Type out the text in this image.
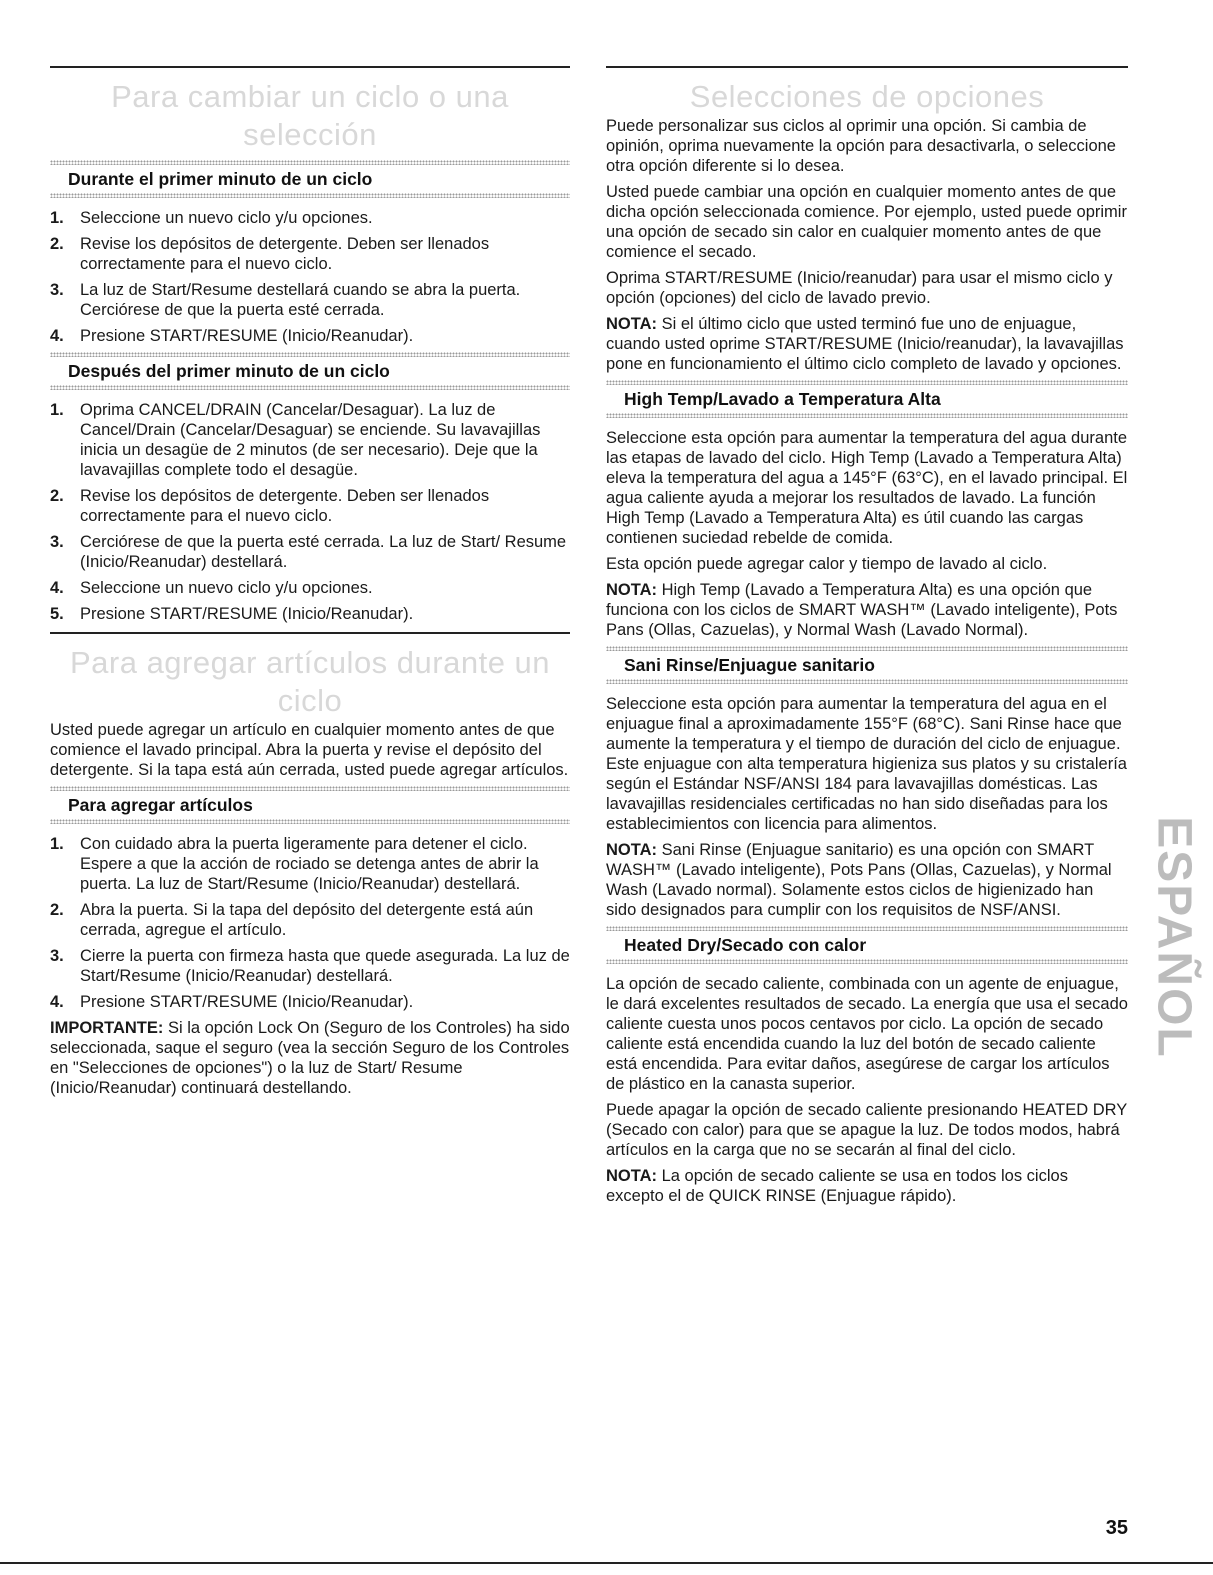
Para cambiar un ciclo o una selección
Durante el primer minuto de un ciclo
1. Seleccione un nuevo ciclo y/u opciones.
2. Revise los depósitos de detergente. Deben ser llenados correctamente para el nuevo ciclo.
3. La luz de Start/Resume destellará cuando se abra la puerta. Cerciórese de que la puerta esté cerrada.
4. Presione START/RESUME (Inicio/Reanudar).
Después del primer minuto de un ciclo
1. Oprima CANCEL/DRAIN (Cancelar/Desaguar). La luz de Cancel/Drain (Cancelar/Desaguar) se enciende. Su lavavajillas inicia un desagüe de 2 minutos (de ser necesario). Deje que la lavavajillas complete todo el desagüe.
2. Revise los depósitos de detergente. Deben ser llenados correctamente para el nuevo ciclo.
3. Cerciórese de que la puerta esté cerrada. La luz de Start/ Resume (Inicio/Reanudar) destellará.
4. Seleccione un nuevo ciclo y/u opciones.
5. Presione START/RESUME (Inicio/Reanudar).
Para agregar artículos durante un ciclo

Usted puede agregar un artículo en cualquier momento antes de que comience el lavado principal. Abra la puerta y revise el depósito del detergente. Si la tapa está aún cerrada, usted puede agregar artículos.

Para agregar artículos
1. Con cuidado abra la puerta ligeramente para detener el ciclo. Espere a que la acción de rociado se detenga antes de abrir la puerta. La luz de Start/Resume (Inicio/Reanudar) destellará.
2. Abra la puerta. Si la tapa del depósito del detergente está aún cerrada, agregue el artículo.
3. Cierre la puerta con firmeza hasta que quede asegurada. La luz de Start/Resume (Inicio/Reanudar) destellará.
4. Presione START/RESUME (Inicio/Reanudar).

IMPORTANTE: Si la opción Lock On (Seguro de los Controles) ha sido seleccionada, saque el seguro (vea la sección Seguro de los Controles en "Selecciones de opciones") o la luz de Start/ Resume (Inicio/Reanudar) continuará destellando.

Selecciones de opciones

Puede personalizar sus ciclos al oprimir una opción. Si cambia de opinión, oprima nuevamente la opción para desactivarla, o seleccione otra opción diferente si lo desea.

Usted puede cambiar una opción en cualquier momento antes de que dicha opción seleccionada comience. Por ejemplo, usted puede oprimir una opción de secado sin calor en cualquier momento antes de que comience el secado.

Oprima START/RESUME (Inicio/reanudar) para usar el mismo ciclo y opción (opciones) del ciclo de lavado previo.

NOTA: Si el último ciclo que usted terminó fue uno de enjuague, cuando usted oprime START/RESUME (Inicio/reanudar), la lavavajillas pone en funcionamiento el último ciclo completo de lavado y opciones.

High Temp/Lavado a Temperatura Alta

Seleccione esta opción para aumentar la temperatura del agua durante las etapas de lavado del ciclo. High Temp (Lavado a Temperatura Alta) eleva la temperatura del agua a 145°F (63°C), en el lavado principal. El agua caliente ayuda a mejorar los resultados de lavado. La función High Temp (Lavado a Temperatura Alta) es útil cuando las cargas contienen suciedad rebelde de comida.

Esta opción puede agregar calor y tiempo de lavado al ciclo.

NOTA: High Temp (Lavado a Temperatura Alta) es una opción que funciona con los ciclos de SMART WASH™ (Lavado inteligente), Pots Pans (Ollas, Cazuelas), y Normal Wash (Lavado Normal).

Sani Rinse/Enjuague sanitario

Seleccione esta opción para aumentar la temperatura del agua en el enjuague final a aproximadamente 155°F (68°C). Sani Rinse hace que aumente la temperatura y el tiempo de duración del ciclo de enjuague. Este enjuague con alta temperatura higieniza sus platos y su cristalería según el Estándar NSF/ANSI 184 para lavavajillas domésticas. Las lavavajillas residenciales certificadas no han sido diseñadas para los establecimientos con licencia para alimentos.

NOTA: Sani Rinse (Enjuague sanitario) es una opción con SMART WASH™ (Lavado inteligente), Pots Pans (Ollas, Cazuelas), y Normal Wash (Lavado normal). Solamente estos ciclos de higienizado han sido designados para cumplir con los requisitos de NSF/ANSI.

Heated Dry/Secado con calor

La opción de secado caliente, combinada con un agente de enjuague, le dará excelentes resultados de secado. La energía que usa el secado caliente cuesta unos pocos centavos por ciclo. La opción de secado caliente está encendida cuando la luz del botón de secado caliente está encendida. Para evitar daños, asegúrese de cargar los artículos de plástico en la canasta superior.

Puede apagar la opción de secado caliente presionando HEATED DRY (Secado con calor) para que se apague la luz. De todos modos, habrá artículos en la carga que no se secarán al final del ciclo.

NOTA: La opción de secado caliente se usa en todos los ciclos excepto el de QUICK RINSE (Enjuague rápido).

ESPAÑOL
35
